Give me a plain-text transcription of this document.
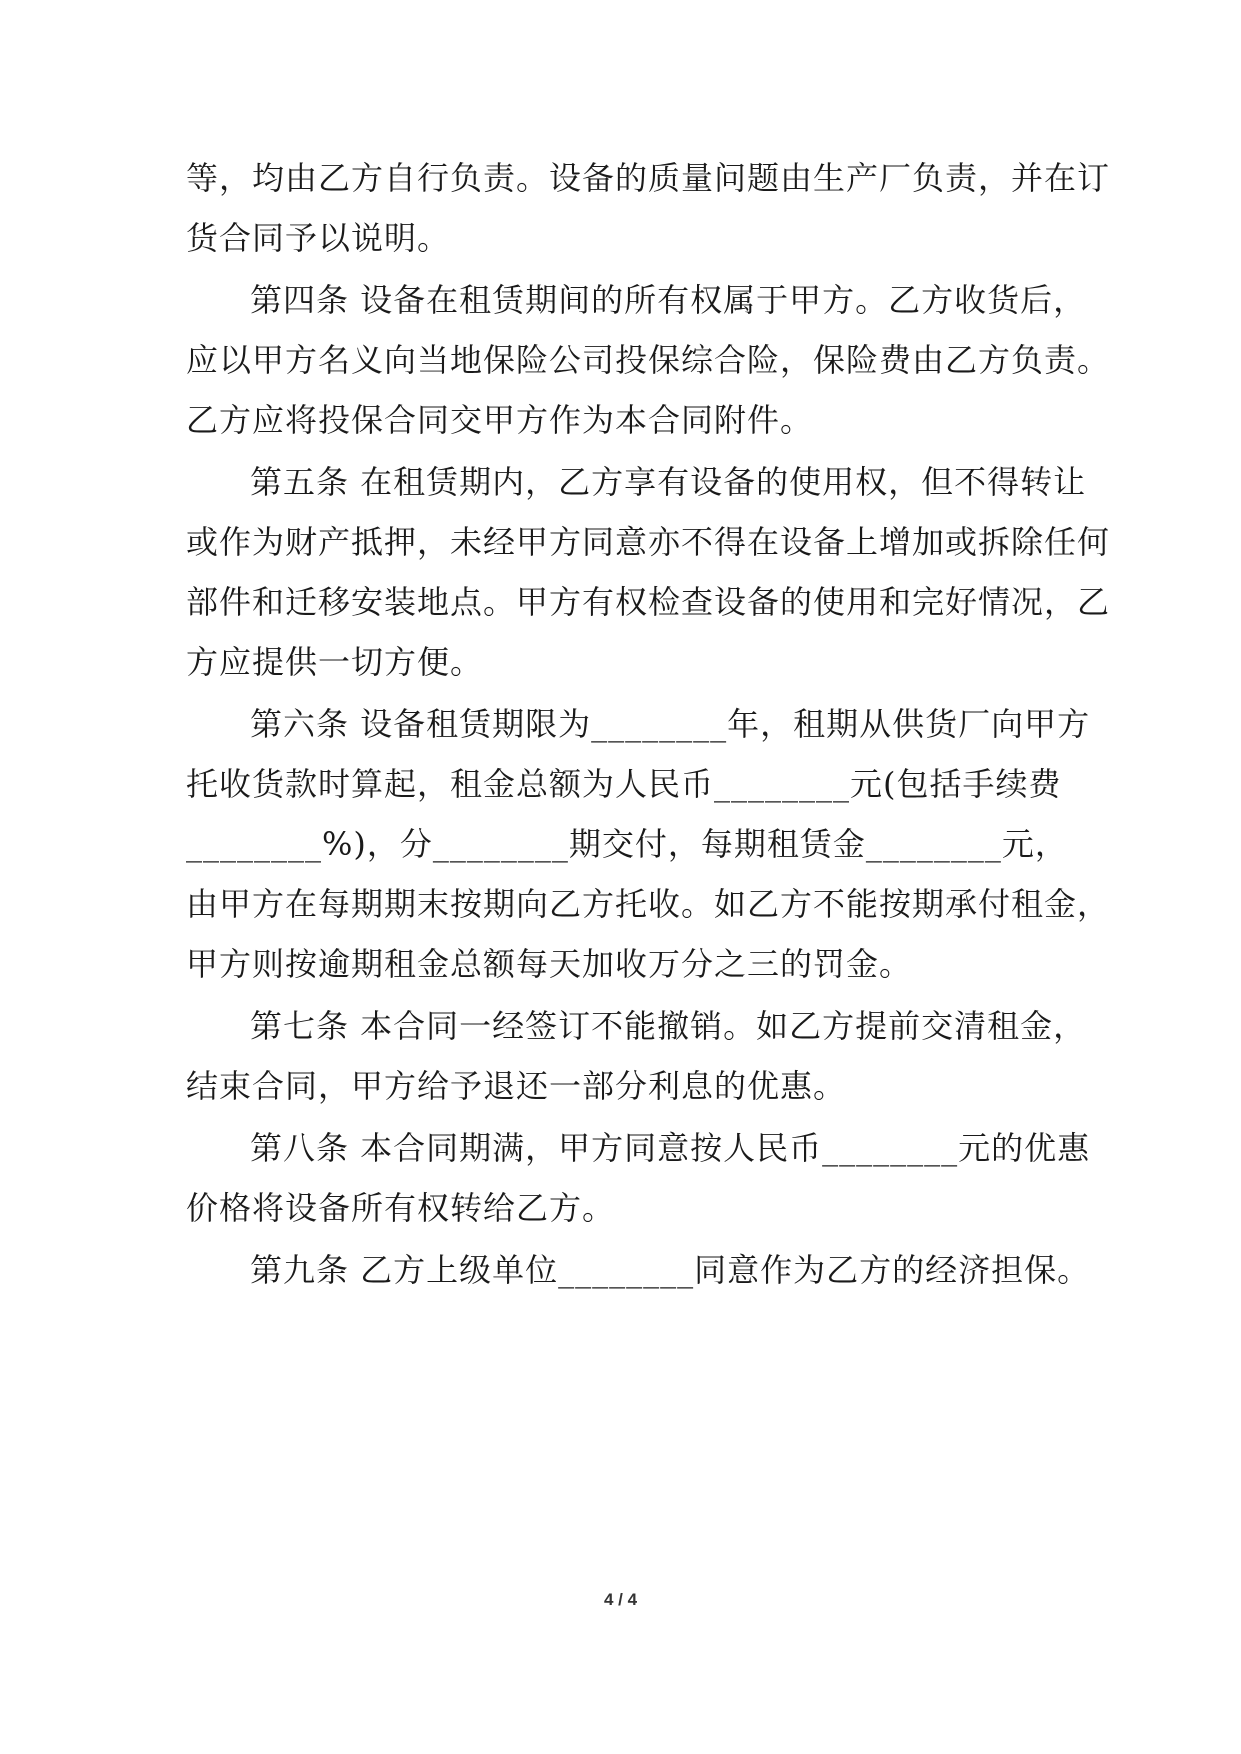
等，均由乙方自行负责。设备的质量问题由生产厂负责，并在订
货合同予以说明。
第四条 设备在租赁期间的所有权属于甲方。乙方收货后，
应以甲方名义向当地保险公司投保综合险，保险费由乙方负责。
乙方应将投保合同交甲方作为本合同附件。
第五条 在租赁期内，乙方享有设备的使用权，但不得转让
或作为财产抵押，未经甲方同意亦不得在设备上增加或拆除任何
部件和迁移安装地点。甲方有权检查设备的使用和完好情况，乙
方应提供一切方便。
第六条 设备租赁期限为________年，租期从供货厂向甲方
托收货款时算起，租金总额为人民币________元(包括手续费
________%)，分________期交付，每期租赁金________元，
由甲方在每期期末按期向乙方托收。如乙方不能按期承付租金，
甲方则按逾期租金总额每天加收万分之三的罚金。
第七条 本合同一经签订不能撤销。如乙方提前交清租金，
结束合同，甲方给予退还一部分利息的优惠。
第八条 本合同期满，甲方同意按人民币________元的优惠
价格将设备所有权转给乙方。
第九条 乙方上级单位________同意作为乙方的经济担保。
4 / 4
